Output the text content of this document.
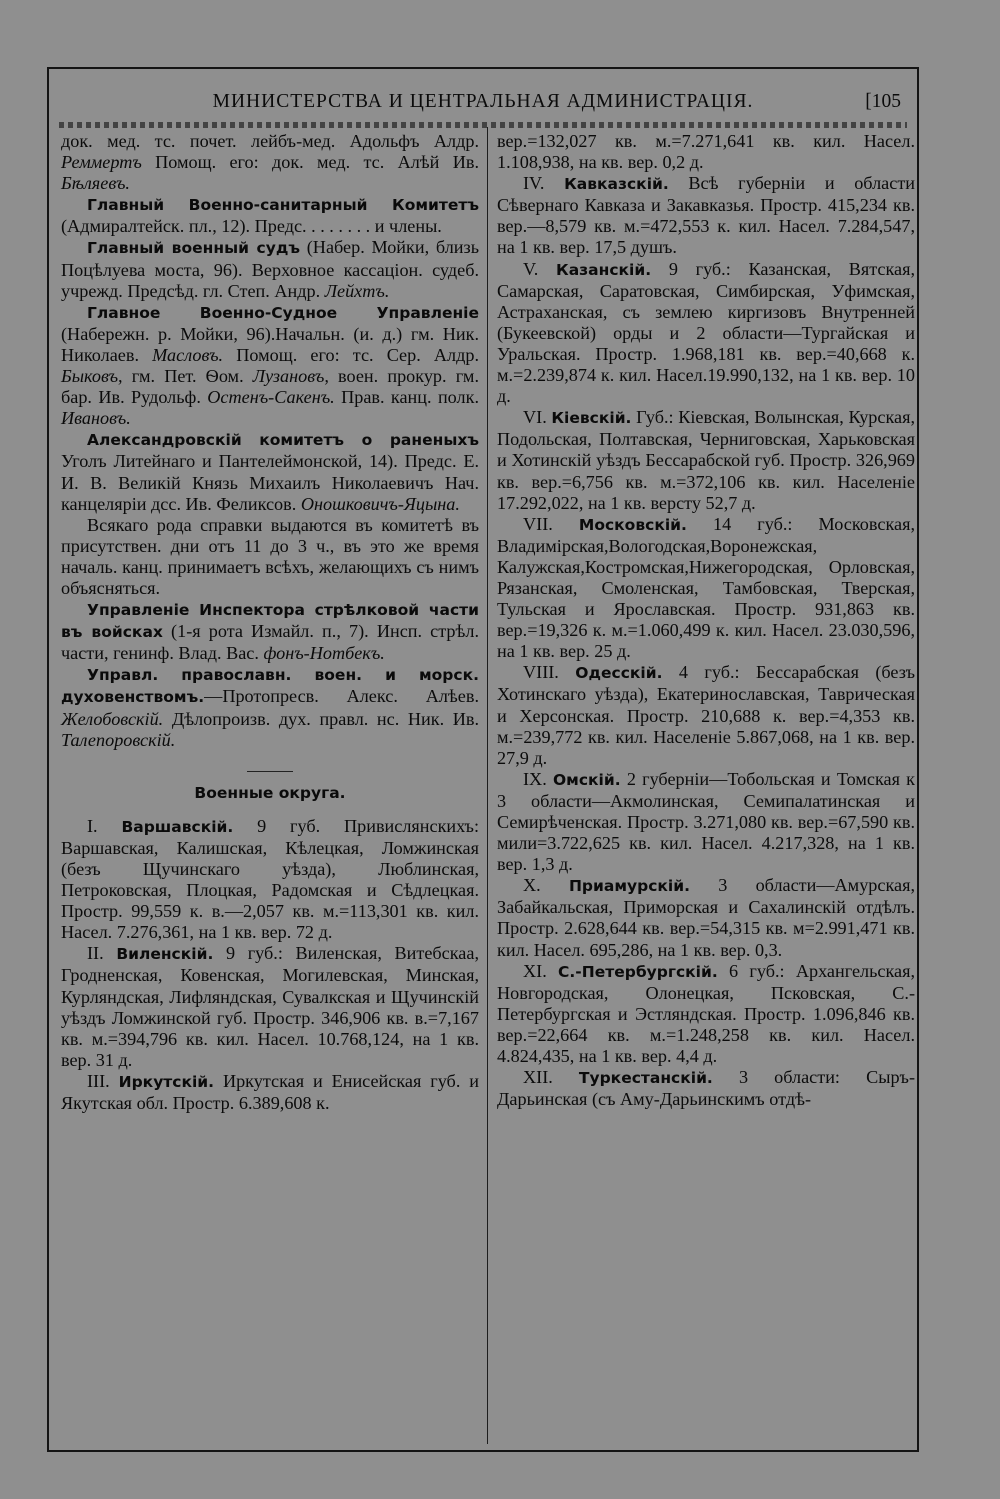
МИНИСТЕРСТВА И ЦЕНТРАЛЬНАЯ АДМИНИСТРАЦІЯ.	[105

док. мед. тс. почет. лейбъ-мед. Адольфъ Алдр. Реммертъ Помощ. его: док. мед. тс. Алѣй Ив. Бѣляевъ.

Главный Военно-санитарный Комитетъ (Адмиралтейск. пл., 12). Предс. . . . . . . . и члены.

Главный военный судъ (Набер. Мойки, близь Поцѣлуева моста, 96). Верховное кассаціон. судеб. учрежд. Предсѣд. гл. Степ. Андр. Лейхтъ.

Главное Военно-Судное Управленіе (Набережн. р. Мойки, 96).Начальн. (и. д.) гм. Ник. Николаев. Масловъ. Помощ. его: тс. Сер. Алдр. Быковъ, гм. Пет. Ѳом. Лузановъ, воен. прокур. гм. бар. Ив. Рудольф. Остенъ-Сакенъ. Прав. канц. полк. Ивановъ.

Александровскій комитетъ о раненыхъ Уголъ Литейнаго и Пантелеймонской, 14). Предс. Е. И. В. Великій Князь Михаилъ Николаевичъ Нач. канцеляріи дсс. Ив. Феликсов. Оношковичъ-Яцына.

Всякаго рода справки выдаются въ комитетѣ въ присутствен. дни отъ 11 до 3 ч., въ это же время началь. канц. принимаетъ всѣхъ, желающихъ съ нимъ объясняться.

Управленіе Инспектора стрѣлковой части въ войсках (1-я рота Измайл. п., 7). Инсп. стрѣл. части, генинф. Влад. Вас. фонъ-Нотбекъ.

Управл. православн. воен. и морск. духовенствомъ.—Протопресв. Алекс. Алѣев. Желобовскій. Дѣлопроизв. дух. правл. нс. Ник. Ив. Талепоровскій.

Военные округа.

I. Варшавскій. 9 губ. Привислянскихъ: Варшавская, Калишская, Кѣлецкая, Ломжинская (безъ Щучинскаго уѣзда), Люблинская, Петроковская, Плоцкая, Радомская и Сѣдлецкая. Простр. 99,559 к. в.—2,057 кв. м.=113,301 кв. кил. Насел. 7.276,361, на 1 кв. вер. 72 д.

II. Виленскій. 9 губ.: Виленская, Витебскаа, Гродненская, Ковенская, Могилевская, Минская, Курляндская, Лифляндская, Сувалкская и Щучинскій уѣздъ Ломжинской губ. Простр. 346,906 кв. в.=7,167 кв. м.=394,796 кв. кил. Насел. 10.768,124, на 1 кв. вер. 31 д.

III. Иркутскій. Иркутская и Енисейская губ. и Якутская обл. Простр. 6.389,608 к.

вер.=132,027 кв. м.=7.271,641 кв. кил. Насел. 1.108,938, на кв. вер. 0,2 д.

IV. Кавказскій. Всѣ губерніи и области Сѣвернаго Кавказа и Закавказья. Простр. 415,234 кв. вер.—8,579 кв. м.=472,553 к. кил. Насел. 7.284,547, на 1 кв. вер. 17,5 душъ.

V. Казанскій. 9 губ.: Казанская, Вятская, Самарская, Саратовская, Симбирская, Уфимская, Астраханская, съ землею киргизовъ Внутренней (Букеевской) орды и 2 области—Тургайская и Уральская. Простр. 1.968,181 кв. вер.=40,668 к. м.=2.239,874 к. кил. Насел.19.990,132, на 1 кв. вер. 10 д.

VI. Кіевскій. Губ.: Кіевская, Волынская, Курская, Подольская, Полтавская, Черниговская, Харьковская и Хотинскій уѣздъ Бессарабской губ. Простр. 326,969 кв. вер.=6,756 кв. м.=372,106 кв. кил. Населеніе 17.292,022, на 1 кв. версту 52,7 д.

VII. Московскій. 14 губ.: Московская, Владимірская,Вологодская,Воронежская, Калужская,Костромская,Нижегородская, Орловская, Рязанская, Смоленская, Тамбовская, Тверская, Тульская и Ярославская. Простр. 931,863 кв. вер.=19,326 к. м.=1.060,499 к. кил. Насел. 23.030,596, на 1 кв. вер. 25 д.

VIII. Одесскій. 4 губ.: Бессарабская (безъ Хотинскаго уѣзда), Екатеринославская, Таврическая и Херсонская. Простр. 210,688 к. вер.=4,353 кв. м.=239,772 кв. кил. Населеніе 5.867,068, на 1 кв. вер. 27,9 д.

IX. Омскій. 2 губерніи—Тобольская и Томская к 3 области—Акмолинская, Семипалатинская и Семирѣченская. Простр. 3.271,080 кв. вер.=67,590 кв. мили=3.722,625 кв. кил. Насел. 4.217,328, на 1 кв. вер. 1,3 д.

X. Приамурскій. 3 области—Амурская, Забайкальская, Приморская и Сахалинскій отдѣлъ. Простр. 2.628,644 кв. вер.=54,315 кв. м=2.991,471 кв. кил. Насел. 695,286, на 1 кв. вер. 0,3.

XI. С.-Петербургскій. 6 губ.: Архангельская, Новгородская, Олонецкая, Псковская, С.-Петербургская и Эстляндская. Простр. 1.096,846 кв. вер.=22,664 кв. м.=1.248,258 кв. кил. Насел. 4.824,435, на 1 кв. вер. 4,4 д.

XII. Туркестанскій. 3 области: Сыръ-Дарьинская (съ Аму-Дарьинскимъ отдѣ-
